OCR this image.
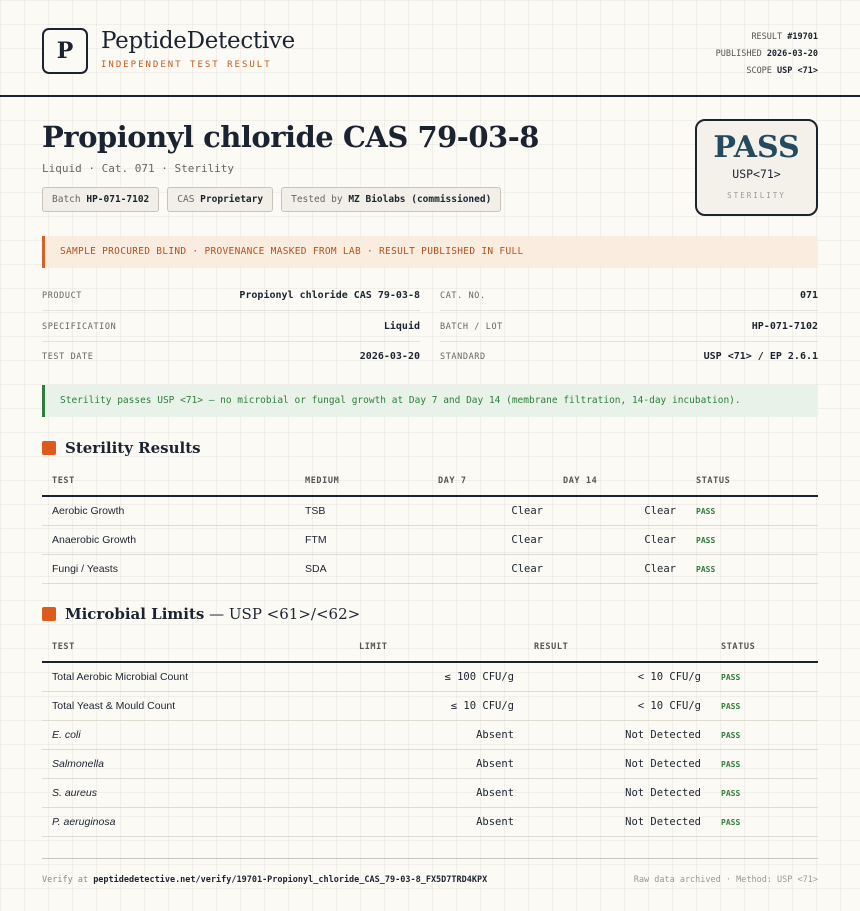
P	PeptideDetective
INDEPENDENT TEST RESULT
RESULT #19701
PUBLISHED 2026-03-20
SCOPE USP <71>
Propionyl chloride CAS 79-03-8
Liquid · Cat. 071 · Sterility
Batch HP-071-7102	CAS Proprietary	Tested by MZ Biolabs (commissioned)
PASS
USP<71>
STERILITY
SAMPLE PROCURED BLIND · PROVENANCE MASKED FROM LAB · RESULT PUBLISHED IN FULL
PRODUCT	Propionyl chloride CAS 79-03-8 CAT. NO.	071
SPECIFICATION	Liquid BATCH / LOT	HP-071-7102
TEST DATE	2026-03-20 STANDARD	USP <71> / EP 2.6.1
Sterility passes USP <71> — no microbial or fungal growth at Day 7 and Day 14 (membrane filtration, 14-day incubation).
Sterility Results
TEST	MEDIUM	DAY 7	DAY 14	STATUS
Aerobic Growth	TSB	Clear	Clear	PASS
Anaerobic Growth	FTM	Clear	Clear	PASS
Fungi / Yeasts	SDA	Clear	Clear	PASS
Microbial Limits — USP <61>/<62>
TEST	LIMIT	RESULT	STATUS
Total Aerobic Microbial Count	≤ 100 CFU/g	< 10 CFU/g	PASS
Total Yeast & Mould Count	≤ 10 CFU/g	< 10 CFU/g	PASS
E. coli	Absent	Not Detected	PASS
Salmonella	Absent	Not Detected	PASS
S. aureus	Absent	Not Detected	PASS
P. aeruginosa	Absent	Not Detected	PASS
Verify at peptidedetective.net/verify/19701-Propionyl_chloride_CAS_79-03-8_FX5D7TRD4KPX	Raw data archived · Method: USP <71>
